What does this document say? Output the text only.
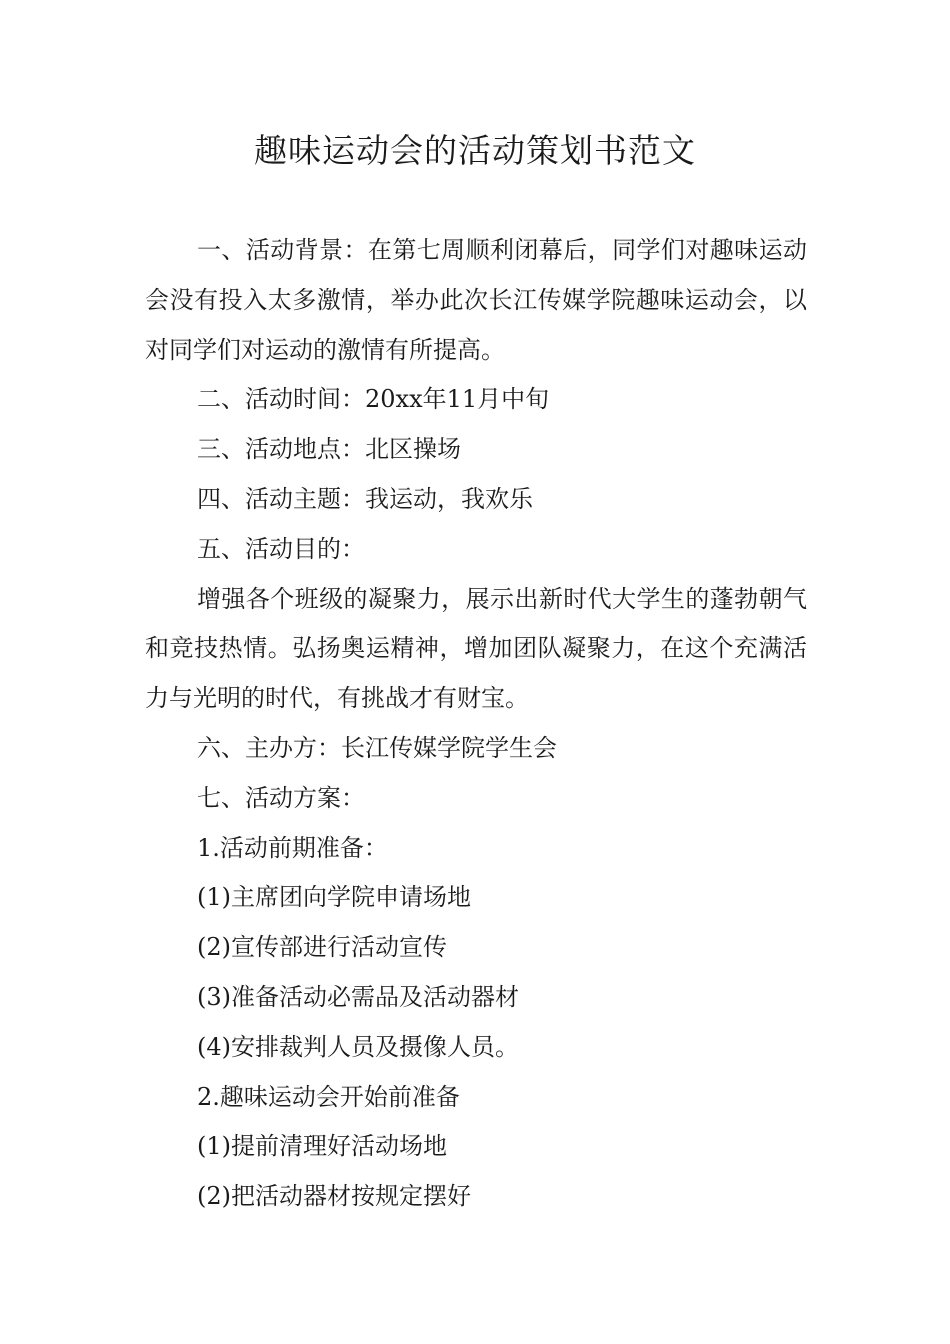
趣味运动会的活动策划书范文

一、活动背景：在第七周顺利闭幕后，同学们对趣味运动会没有投入太多激情，举办此次长江传媒学院趣味运动会，以对同学们对运动的激情有所提高。

二、活动时间：20xx年11月中旬

三、活动地点：北区操场

四、活动主题：我运动，我欢乐

五、活动目的：

增强各个班级的凝聚力，展示出新时代大学生的蓬勃朝气和竞技热情。弘扬奥运精神，增加团队凝聚力，在这个充满活力与光明的时代，有挑战才有财宝。

六、主办方：长江传媒学院学生会

七、活动方案：

1.活动前期准备：

(1)主席团向学院申请场地

(2)宣传部进行活动宣传

(3)准备活动必需品及活动器材

(4)安排裁判人员及摄像人员。

2.趣味运动会开始前准备

(1)提前清理好活动场地

(2)把活动器材按规定摆好
